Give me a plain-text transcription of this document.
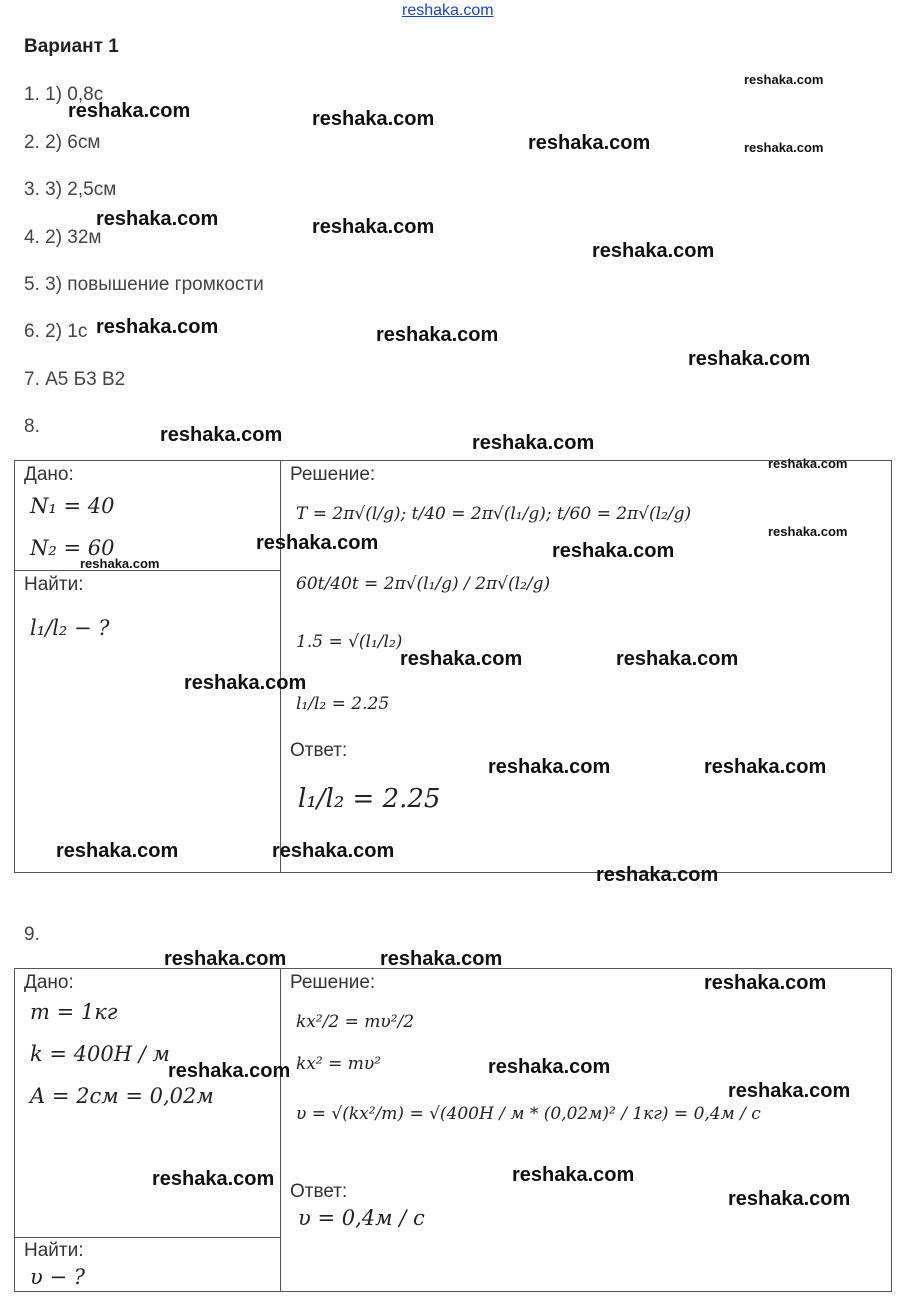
reshaka.com
Вариант 1
1. 1) 0,8с
2. 2) 6см
3. 3) 2,5см
4. 2) 32м
5. 3) повышение громкости
6. 2) 1с
7. А5 Б3 В2
8.
Дано:
N₁ = 40
N₂ = 60
Найти:
l₁/l₂ − ?
Решение:
T = 2π√(l/g); t/40 = 2π√(l₁/g); t/60 = 2π√(l₂/g)
60t/40t = 2π√(l₁/g) / 2π√(l₂/g)
1.5 = √(l₁/l₂)
l₁/l₂ = 2.25
Ответ:
l₁/l₂ = 2.25
9.
Дано:
m = 1кг
k = 400Н / м
A = 2см = 0,02м
Найти:
υ − ?
Решение:
kx²/2 = mυ²/2
kx² = mυ²
υ = √(kx²/m) = √(400Н / м * (0,02м)² / 1кг) = 0,4м / с
Ответ:
υ = 0,4м / с
reshaka.com	reshaka.com
reshaka.com
reshaka.com
reshaka.com
reshaka.com	reshaka.com
reshaka.com
reshaka.com	reshaka.com
reshaka.com
reshaka.com	reshaka.com
reshaka.com
reshaka.com
reshaka.com	reshaka.com
reshaka.com
reshaka.com	reshaka.com
reshaka.com
reshaka.com	reshaka.com
reshaka.com	reshaka.com
reshaka.com
reshaka.com	reshaka.com
reshaka.com
reshaka.com	reshaka.com
reshaka.com
reshaka.com	reshaka.com
reshaka.com
